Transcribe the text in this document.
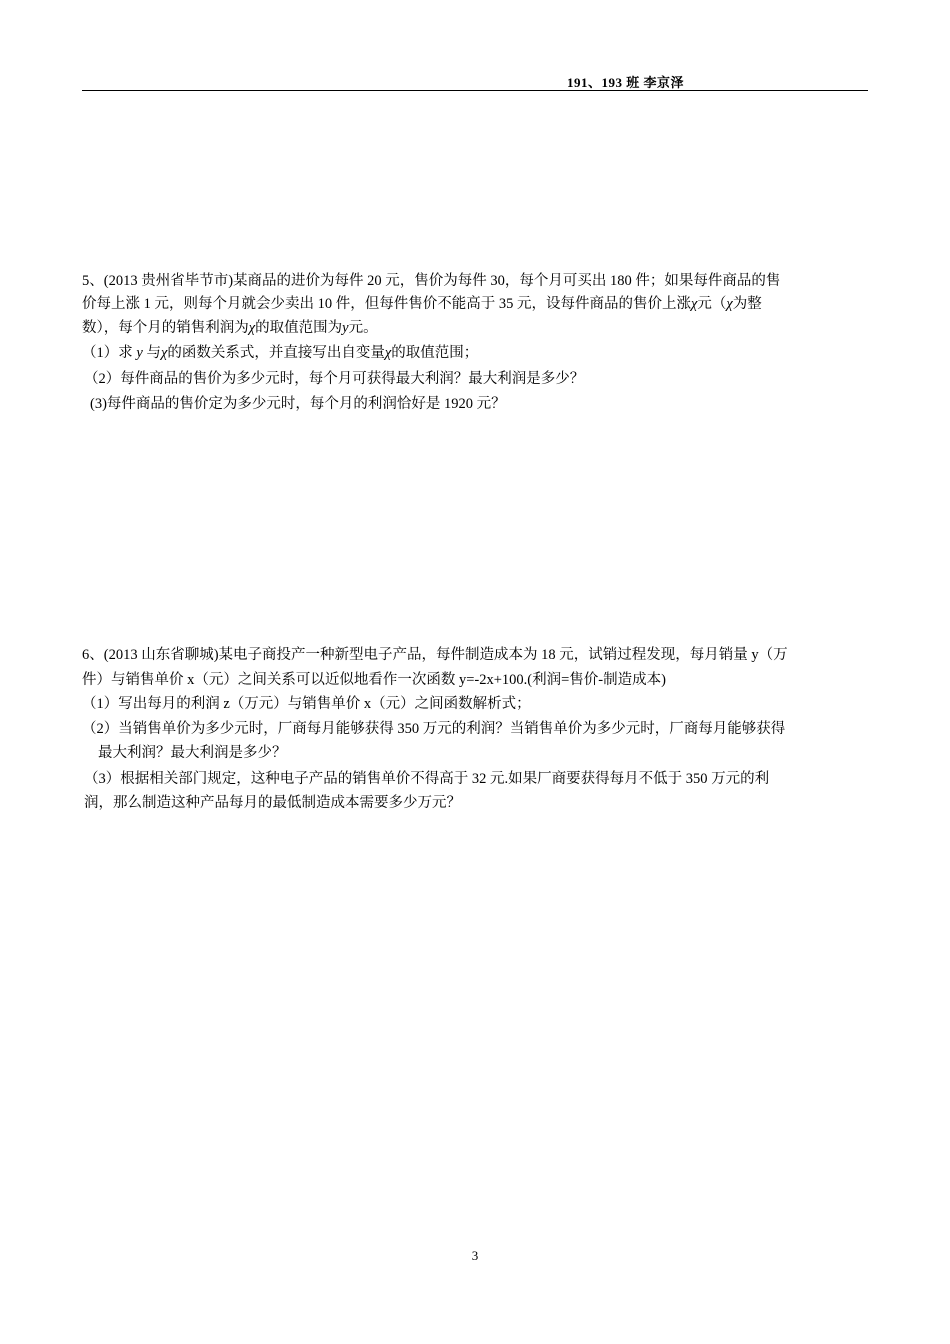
191、193 班 李京泽
5、(2013 贵州省毕节市)某商品的进价为每件 20 元，售价为每件 30，每个月可买出 180 件；如果每件商品的售
价每上涨 1 元，则每个月就会少卖出 10 件，但每件售价不能高于 35 元，设每件商品的售价上涨χ元（χ为整
数），每个月的销售利润为χ的取值范围为y元。
（1）求 y 与χ的函数关系式，并直接写出自变量χ的取值范围；
（2）每件商品的售价为多少元时，每个月可获得最大利润？最大利润是多少？
(3)每件商品的售价定为多少元时，每个月的利润恰好是 1920 元？
6、(2013 山东省聊城)某电子商投产一种新型电子产品，每件制造成本为 18 元，试销过程发现，每月销量 y（万
件）与销售单价 x（元）之间关系可以近似地看作一次函数 y=-2x+100.(利润=售价-制造成本)
（1）写出每月的利润 z（万元）与销售单价 x（元）之间函数解析式；
（2）当销售单价为多少元时，厂商每月能够获得 350 万元的利润？当销售单价为多少元时，厂商每月能够获得
最大利润？最大利润是多少？
（3）根据相关部门规定，这种电子产品的销售单价不得高于 32 元.如果厂商要获得每月不低于 350 万元的利
润，那么制造这种产品每月的最低制造成本需要多少万元？
3
